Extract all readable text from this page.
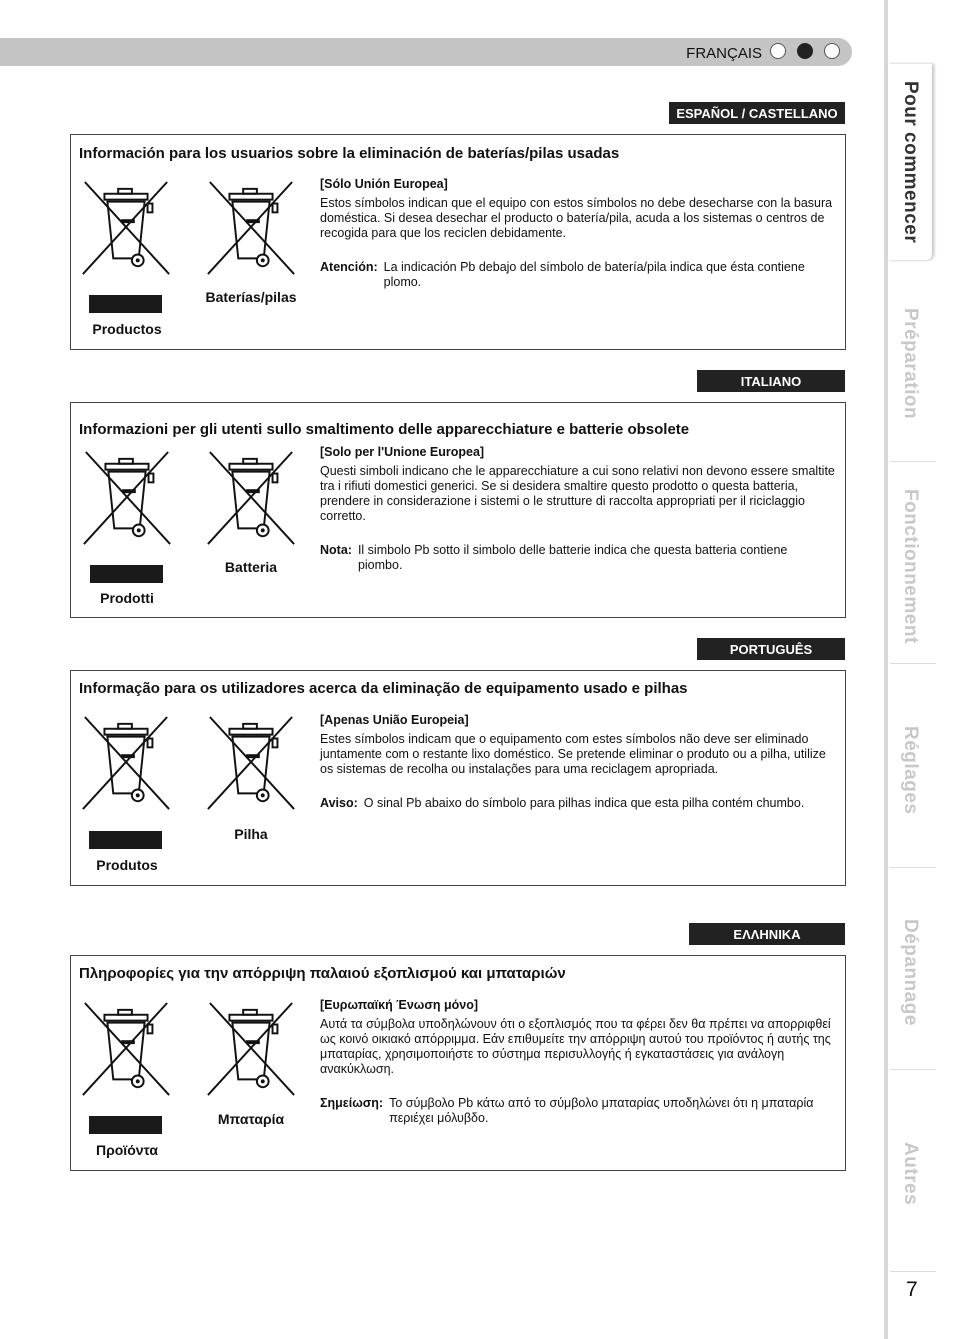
FRANÇAIS
Pour commencer
Préparation
Fonctionnement
Réglages
Dépannage
Autres
7
ESPAÑOL / CASTELLANO
Información para los usuarios sobre la eliminación de baterías/pilas usadas
Productos
Baterías/pilas
[Sólo Unión Europea]
Estos símbolos indican que el equipo con estos símbolos no debe desecharse con la basura doméstica. Si desea desechar el producto o batería/pila, acuda a los sistemas o centros de recogida para que los reciclen debidamente.
Atención: La indicación Pb debajo del símbolo de batería/pila indica que ésta contiene plomo.
ITALIANO
Informazioni per gli utenti sullo smaltimento delle apparecchiature e batterie obsolete
Prodotti
Batteria
[Solo per l'Unione Europea]
Questi simboli indicano che le apparecchiature a cui sono relativi non devono essere smaltite tra i rifiuti domestici generici. Se si desidera smaltire questo prodotto o questa batteria, prendere in considerazione i sistemi o le strutture di raccolta appropriati per il riciclaggio corretto.
Nota: Il simbolo Pb sotto il simbolo delle batterie indica che questa batteria contiene piombo.
PORTUGUÊS
Informação para os utilizadores acerca da eliminação de equipamento usado e pilhas
Produtos
Pilha
[Apenas União Europeia]
Estes símbolos indicam que o equipamento com estes símbolos não deve ser eliminado juntamente com o restante lixo doméstico. Se pretende eliminar o produto ou a pilha, utilize os sistemas de recolha ou instalações para uma reciclagem apropriada.
Aviso: O sinal Pb abaixo do símbolo para pilhas indica que esta pilha contém chumbo.
ΕΛΛΗΝΙΚΑ
Πληροφορίες για την απόρριψη παλαιού εξοπλισμού και μπαταριών
Προϊόντα
Μπαταρία
[Ευρωπαϊκή Ένωση μόνο]
Αυτά τα σύμβολα υποδηλώνουν ότι ο εξοπλισμός που τα φέρει δεν θα πρέπει να απορριφθεί ως κοινό οικιακό απόρριμμα. Εάν επιθυμείτε την απόρριψη αυτού του προϊόντος ή αυτής της μπαταρίας, χρησιμοποιήστε το σύστημα περισυλλογής ή εγκαταστάσεις για ανάλογη ανακύκλωση.
Σημείωση: Το σύμβολο Pb κάτω από το σύμβολο μπαταρίας υποδηλώνει ότι η μπαταρία περιέχει μόλυβδο.
